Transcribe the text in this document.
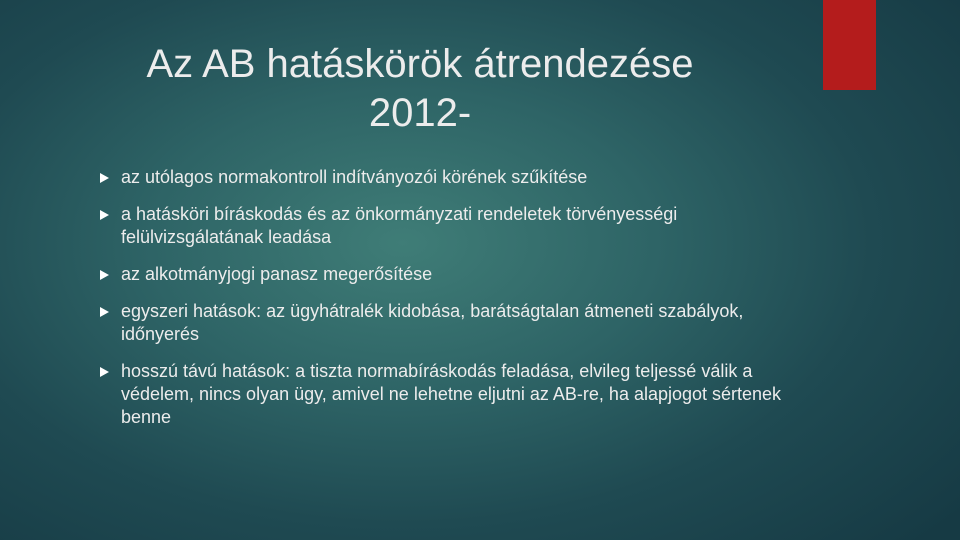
Az AB hatáskörök átrendezése
2012-
az utólagos normakontroll indítványozói körének szűkítése
a hatásköri bíráskodás és az önkormányzati rendeletek törvényességi felülvizsgálatának leadása
az alkotmányjogi panasz megerősítése
egyszeri hatások: az ügyhátralék kidobása, barátságtalan átmeneti szabályok, időnyerés
hosszú távú hatások: a tiszta normabíráskodás feladása, elvileg teljessé válik a védelem, nincs olyan ügy, amivel ne lehetne eljutni az AB-re, ha alapjogot sértenek benne
